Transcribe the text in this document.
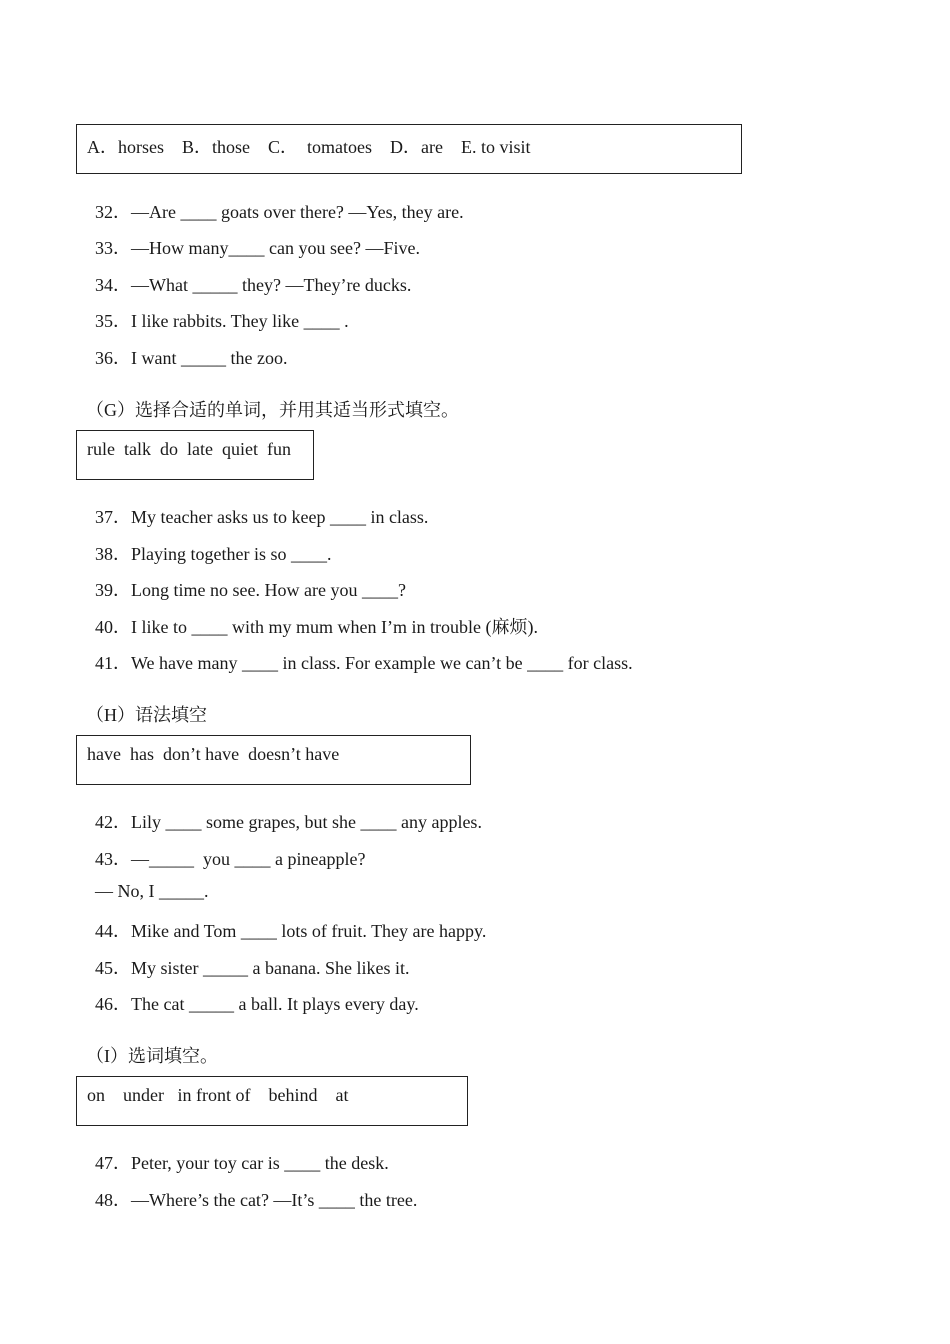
A．horses    B．those    C．  tomatoes    D．are    E. to visit

32．—Are ____ goats over there? —Yes, they are.

33．—How many____ can you see? —Five.

34．—What _____ they? —They’re ducks.

35．I like rabbits. They like ____ .

36．I want _____ the zoo.

（G）选择合适的单词，并用其适当形式填空。
rule  talk  do  late  quiet  fun

37．My teacher asks us to keep ____ in class.

38．Playing together is so ____.

39．Long time no see. How are you ____?

40．I like to ____ with my mum when I’m in trouble (麻烦).

41．We have many ____ in class. For example we can’t be ____ for class.

（H）语法填空
have  has  don’t have  doesn’t have

42．Lily ____ some grapes, but she ____ any apples.

43．—_____  you ____ a pineapple?

— No, I _____.

44．Mike and Tom ____ lots of fruit. They are happy.

45．My sister _____ a banana. She likes it.

46．The cat _____ a ball. It plays every day.

（I）选词填空。
on    under   in front of    behind    at

47．Peter, your toy car is ____ the desk.

48．—Where’s the cat? —It’s ____ the tree.
